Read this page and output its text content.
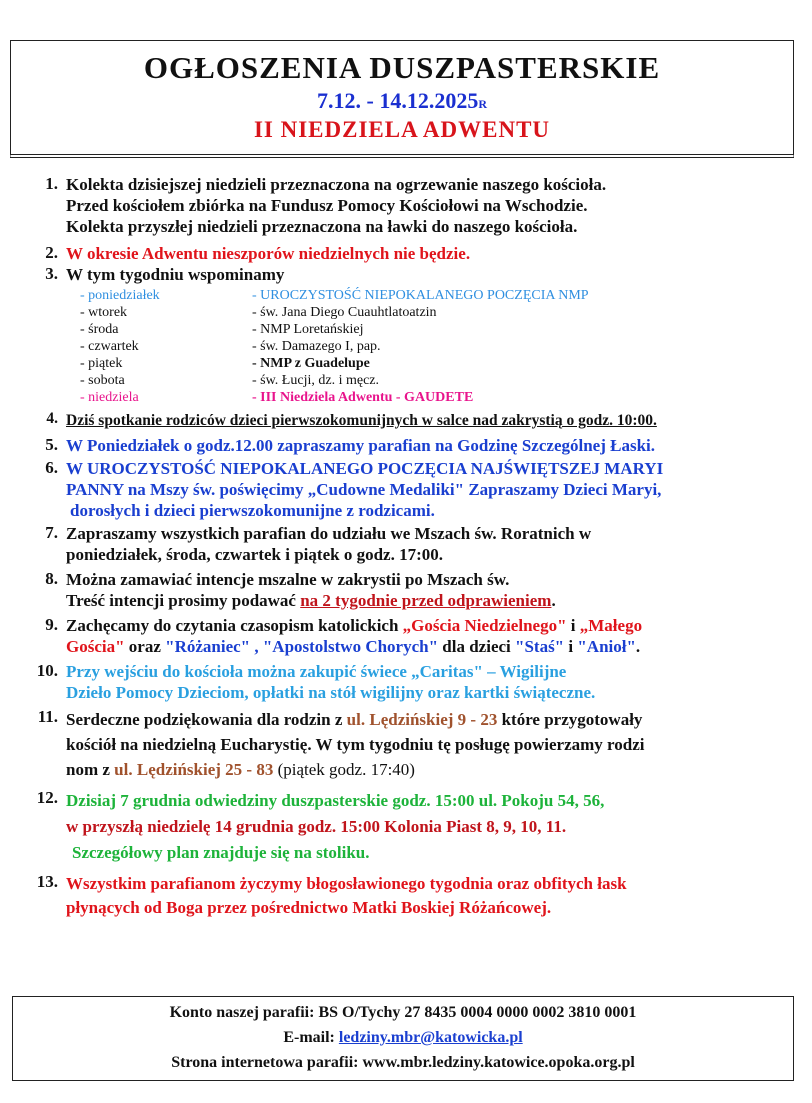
OGŁOSZENIA DUSZPASTERSKIE
7.12. - 14.12.2025R
II NIEDZIELA ADWENTU
1. Kolekta dzisiejszej niedzieli przeznaczona na ogrzewanie naszego kościoła.
Przed kościołem zbiórka na Fundusz Pomocy Kościołowi na Wschodzie.
Kolekta przyszłej niedzieli przeznaczona na ławki do naszego kościoła.
2. W okresie Adwentu nieszporów niedzielnych nie będzie.
3. W tym tygodniu wspominamy
- poniedziałek	- UROCZYSTOŚĆ NIEPOKALANEGO POCZĘCIA NMP
- wtorek	- św. Jana Diego Cuauhtlatoatzin
- środa	- NMP Loretańskiej
- czwartek	- św. Damazego I, pap.
- piątek	- NMP z Guadelupe
- sobota	- św. Łucji, dz. i męcz.
- niedziela	- III Niedziela Adwentu - GAUDETE
4. Dziś spotkanie rodziców dzieci pierwszokomunijnych w salce nad zakrystią o godz. 10:00.
5. W Poniedziałek o godz.12.00 zapraszamy parafian na Godzinę Szczególnej Łaski.
6. W UROCZYSTOŚĆ NIEPOKALANEGO POCZĘCIA NAJŚWIĘTSZEJ MARYI
PANNY na Mszy św. poświęcimy „Cudowne Medaliki" Zapraszamy Dzieci Maryi,
dorosłych i dzieci pierwszokomunijne z rodzicami.
7. Zapraszamy wszystkich parafian do udziału we Mszach św. Roratnich w
poniedziałek, środa, czwartek i piątek o godz. 17:00.
8. Można zamawiać intencje mszalne w zakrystii po Mszach św.
Treść intencji prosimy podawać na 2 tygodnie przed odprawieniem.
9. Zachęcamy do czytania czasopism katolickich „Gościa Niedzielnego" i „Małego
Gościa" oraz "Różaniec" , "Apostolstwo Chorych" dla dzieci "Staś" i "Anioł".
10. Przy wejściu do kościoła można zakupić świece „Caritas" – Wigilijne
Dzieło Pomocy Dzieciom, opłatki na stół wigilijny oraz kartki świąteczne.
11. Serdeczne podziękowania dla rodzin z ul. Lędzińskiej 9 - 23 które przygotowały
kościół na niedzielną Eucharystię. W tym tygodniu tę posługę powierzamy rodzi
nom z ul. Lędzińskiej 25 - 83 (piątek godz. 17:40)
12. Dzisiaj 7 grudnia odwiedziny duszpasterskie godz. 15:00 ul. Pokoju 54, 56,
w przyszłą niedzielę 14 grudnia godz. 15:00 Kolonia Piast 8, 9, 10, 11.
Szczegółowy plan znajduje się na stoliku.
13. Wszystkim parafianom życzymy błogosławionego tygodnia oraz obfitych łask
płynących od Boga przez pośrednictwo Matki Boskiej Różańcowej.
Konto naszej parafii: BS O/Tychy 27 8435 0004 0000 0002 3810 0001
E-mail: ledziny.mbr@katowicka.pl
Strona internetowa parafii: www.mbr.ledziny.katowice.opoka.org.pl
